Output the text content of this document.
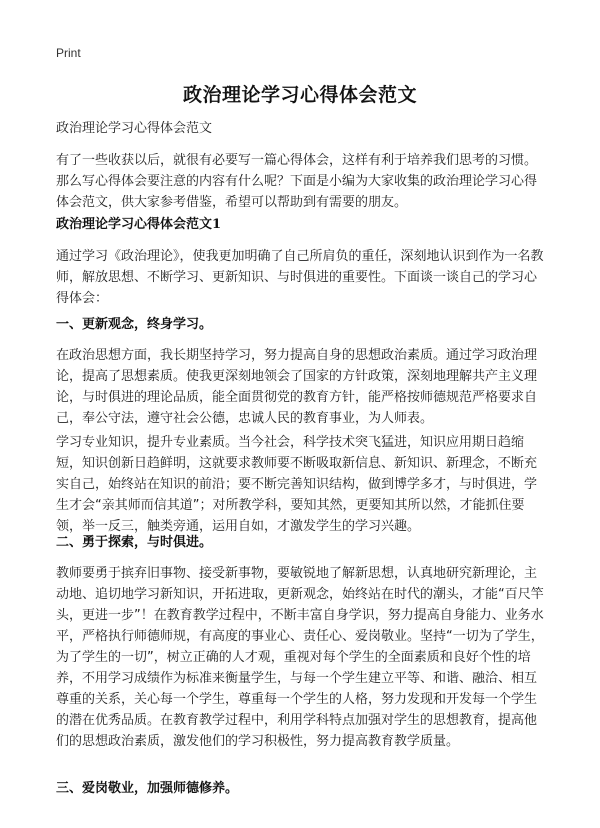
Print

政治理论学习心得体会范文

政治理论学习心得体会范文

有了一些收获以后，就很有必要写一篇心得体会，这样有利于培养我们思考的习惯。那么写心得体会要注意的内容有什么呢？下面是小编为大家收集的政治理论学习心得体会范文，供大家参考借鉴，希望可以帮助到有需要的朋友。

政治理论学习心得体会范文1

通过学习《政治理论》，使我更加明确了自己所肩负的重任，深刻地认识到作为一名教师，解放思想、不断学习、更新知识、与时俱进的重要性。下面谈一谈自己的学习心得体会：

一、更新观念，终身学习。

在政治思想方面，我长期坚持学习，努力提高自身的思想政治素质。通过学习政治理论，提高了思想素质。使我更深刻地领会了国家的方针政策，深刻地理解共产主义理论，与时俱进的理论品质，能全面贯彻党的教育方针，能严格按师德规范严格要求自己，奉公守法，遵守社会公德，忠诚人民的教育事业，为人师表。

学习专业知识，提升专业素质。当今社会，科学技术突飞猛进，知识应用期日趋缩短，知识创新日趋鲜明，这就要求教师要不断吸取新信息、新知识、新理念，不断充实自己，始终站在知识的前沿；要不断完善知识结构，做到博学多才，与时俱进，学生才会“亲其师而信其道”；对所教学科，要知其然，更要知其所以然，才能抓住要领，举一反三，触类旁通，运用自如，才激发学生的学习兴趣。

二、勇于探索，与时俱进。

教师要勇于摈弃旧事物、接受新事物，要敏锐地了解新思想，认真地研究新理论，主动地、追切地学习新知识，开拓进取，更新观念，始终站在时代的潮头，才能“百尺竿头，更进一步”！在教育教学过程中，不断丰富自身学识，努力提高自身能力、业务水平，严格执行师德师规，有高度的事业心、责任心、爱岗敬业。坚持“一切为了学生，为了学生的一切”，树立正确的人才观，重视对每个学生的全面素质和良好个性的培养，不用学习成绩作为标准来衡量学生，与每一个学生建立平等、和谐、融洽、相互尊重的关系，关心每一个学生，尊重每一个学生的人格，努力发现和开发每一个学生的潜在优秀品质。在教育教学过程中，利用学科特点加强对学生的思想教育，提高他们的思想政治素质，激发他们的学习积极性，努力提高教育教学质量。

三、爱岗敬业，加强师德修养。
